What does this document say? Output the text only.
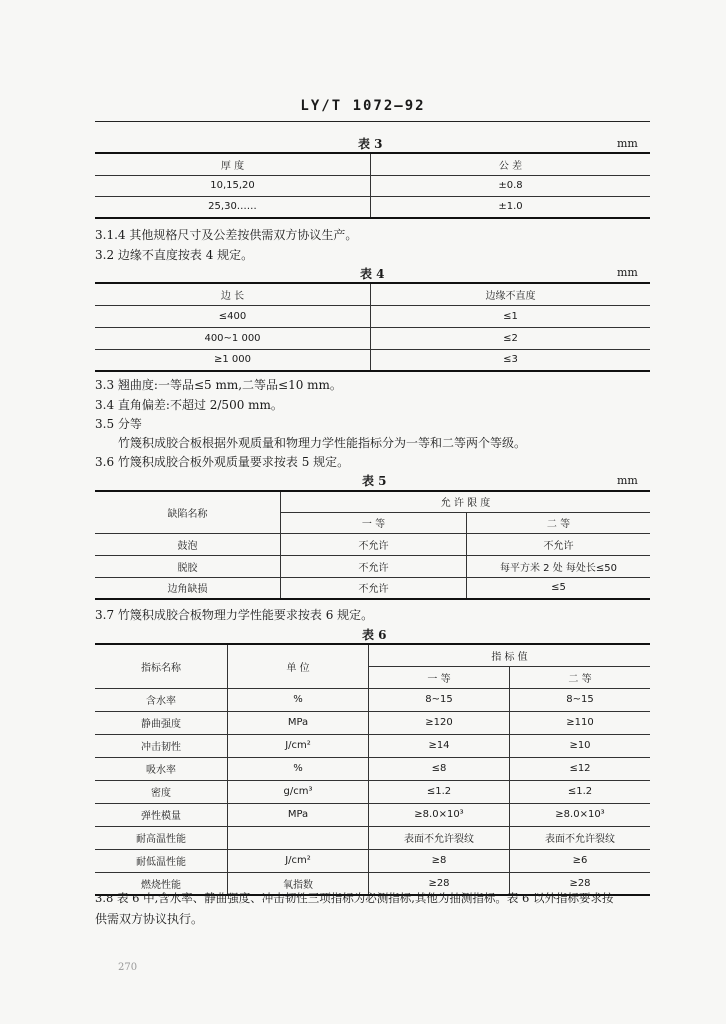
LY/T 1072—92
表 3	mm
厚 度	公 差
10,15,20	±0.8
25,30……	±1.0
3.1.4 其他规格尺寸及公差按供需双方协议生产。
3.2 边缘不直度按表 4 规定。
表 4	mm
边 长	边缘不直度
≤400	≤1
400~1 000	≤2
≥1 000	≤3
3.3 翘曲度:一等品≤5 mm,二等品≤10 mm。
3.4 直角偏差:不超过 2/500 mm。
3.5 分等
竹篾积成胶合板根据外观质量和物理力学性能指标分为一等和二等两个等级。
3.6 竹篾积成胶合板外观质量要求按表 5 规定。
表 5	mm
缺陷名称	允 许 限 度	
	一 等	二 等
鼓泡	不允许	不允许
脱胶	不允许	每平方米 2 处 每处长≤50
边角缺损	不允许	≤5
3.7 竹篾积成胶合板物理力学性能要求按表 6 规定。
表 6
指标名称	单 位	指 标 值	
		一 等	二 等
含水率	%	8~15	8~15
静曲强度	MPa	≥120	≥110
冲击韧性	J/cm²	≥14	≥10
吸水率	%	≤8	≤12
密度	g/cm³	≤1.2	≤1.2
弹性模量	MPa	≥8.0×10³	≥8.0×10³
耐高温性能		表面不允许裂纹	表面不允许裂纹
耐低温性能	J/cm²	≥8	≥6
燃烧性能	氧指数	≥28	≥28
3.8 表 6 中,含水率、静曲强度、冲击韧性三项指标为必测指标,其他为抽测指标。表 6 以外指标要求按
供需双方协议执行。
270
